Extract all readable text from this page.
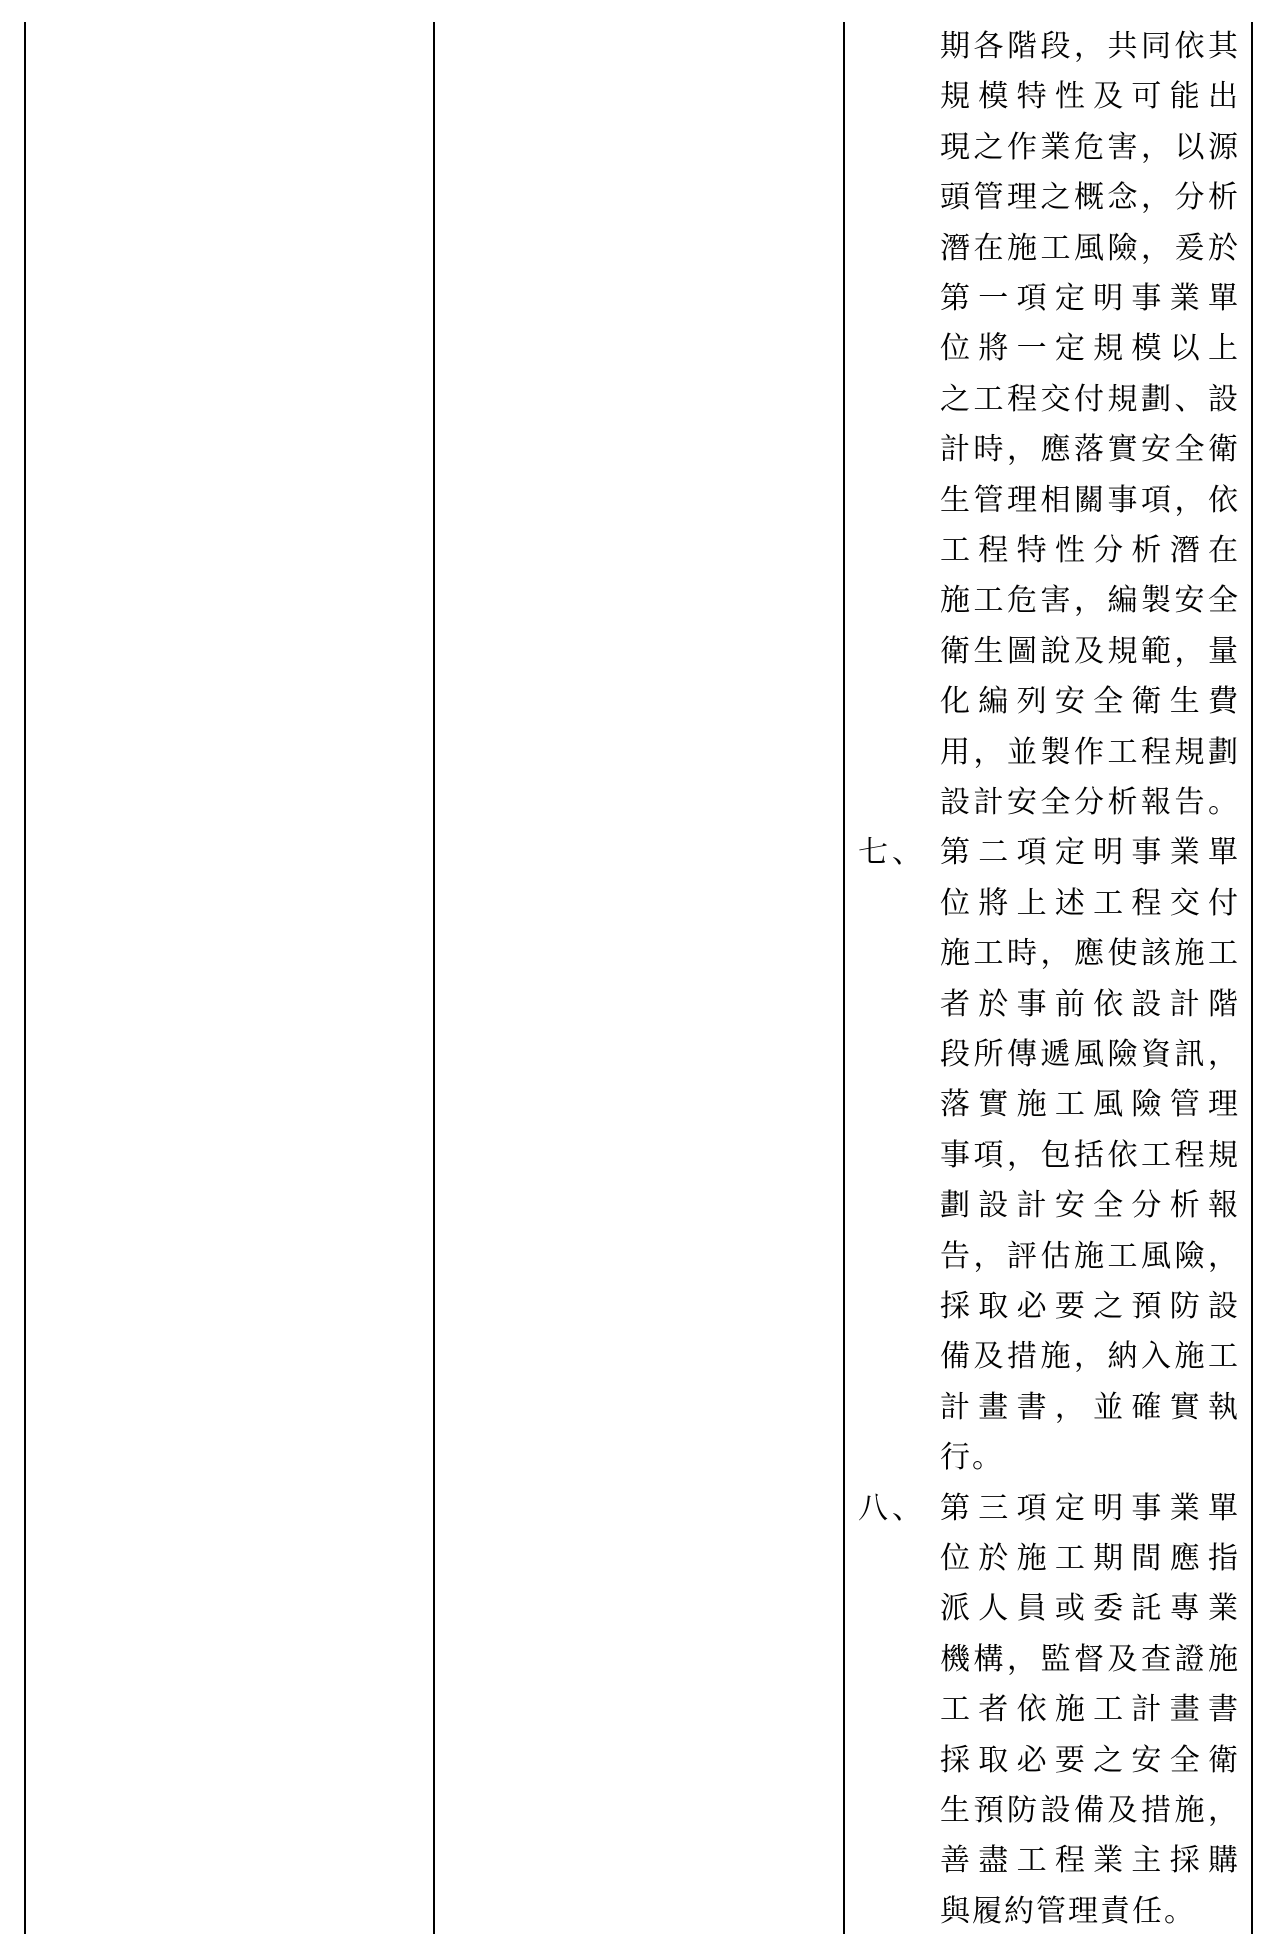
期各階段，共同依其
規模特性及可能出
現之作業危害，以源
頭管理之概念，分析
潛在施工風險，爰於
第一項定明事業單
位將一定規模以上
之工程交付規劃、設
計時，應落實安全衛
生管理相關事項，依
工程特性分析潛在
施工危害，編製安全
衛生圖說及規範，量
化編列安全衛生費
用，並製作工程規劃
設計安全分析報告。
七、 第二項定明事業單
位將上述工程交付
施工時，應使該施工
者於事前依設計階
段所傳遞風險資訊，
落實施工風險管理
事項，包括依工程規
劃設計安全分析報
告，評估施工風險，
採取必要之預防設
備及措施，納入施工
計畫書，並確實執
行。
八、 第三項定明事業單
位於施工期間應指
派人員或委託專業
機構，監督及查證施
工者依施工計畫書
採取必要之安全衛
生預防設備及措施，
善盡工程業主採購
與履約管理責任。
